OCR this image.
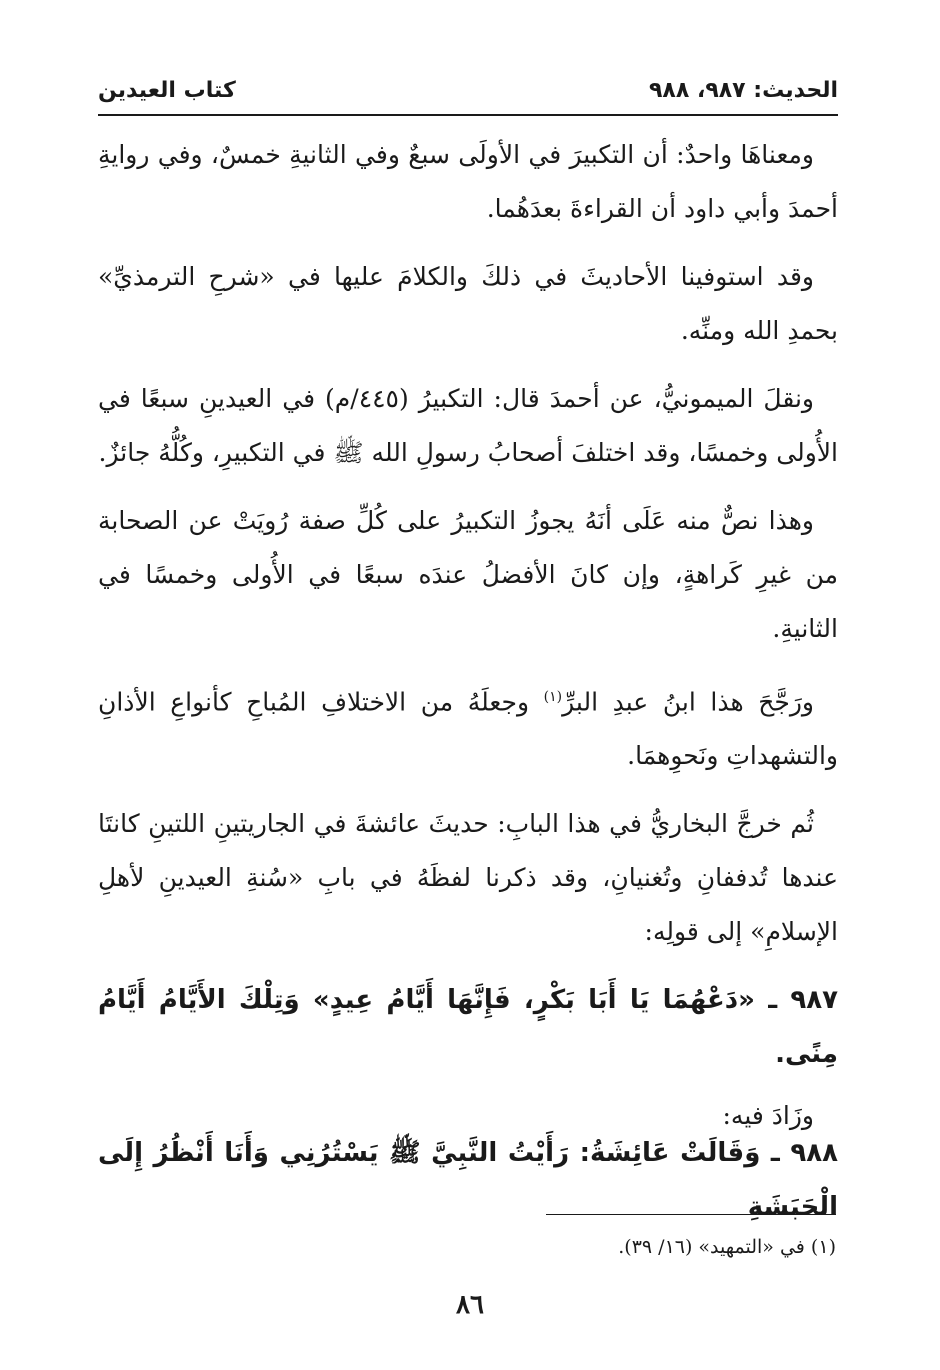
الحديث: ٩٨٧، ٩٨٨
كتاب العيدين

ومعناهَا واحدٌ: أن التكبيرَ في الأولَى سبعٌ وفي الثانيةِ خمسٌ، وفي روايةِ أحمدَ وأبي داود أن القراءةَ بعدَهُما.

وقد استوفينا الأحاديثَ في ذلكَ والكلامَ عليها في «شرحِ الترمذيِّ» بحمدِ الله ومنِّه.

ونقلَ الميمونيُّ، عن أحمدَ قال: التكبيرُ (٤٤٥/م) في العيدينِ سبعًا في الأُولى وخمسًا، وقد اختلفَ أصحابُ رسولِ الله ﷺ في التكبيرِ، وكُلُّهُ جائزٌ.

وهذا نصٌّ منه عَلَى أنَهُ يجوزُ التكبيرُ على كُلِّ صفة رُويَتْ عن الصحابة من غيرِ كَراهةٍ، وإن كانَ الأفضلُ عندَه سبعًا في الأُولى وخمسًا في الثانيةِ.

ورَجَّحَ هذا ابنُ عبدِ البرِّ$^{(١)}$ وجعلَهُ من الاختلافِ المُباحِ كأنواعِ الأذانِ والتشهداتِ ونَحوِهمَا.

ثُم خرجَّ البخاريُّ في هذا البابِ: حديثَ عائشةَ في الجاريتينِ اللتينِ كانتَا عندها تُدففانِ وتُغنيانِ، وقد ذكرنا لفظَهُ في بابِ «سُنةِ العيدينِ لأهلِ الإسلامِ» إلى قولِه:

٩٨٧ ـ «دَعْهُمَا يَا أَبَا بَكْرٍ، فَإِنَّهَا أَيَّامُ عِيدٍ» وَتِلْكَ الأَيَّامُ أَيَّامُ مِنًى.

وزَادَ فيه:

٩٨٨ ـ وَقَالَتْ عَائِشَةُ: رَأَيْتُ النَّبِيَّ ﷺ يَسْتُرُنِي وَأَنَا أَنْظُرُ إِلَى الْحَبَشَةِ

(١) في «التمهيد» (١٦/ ٣٩).
٨٦
